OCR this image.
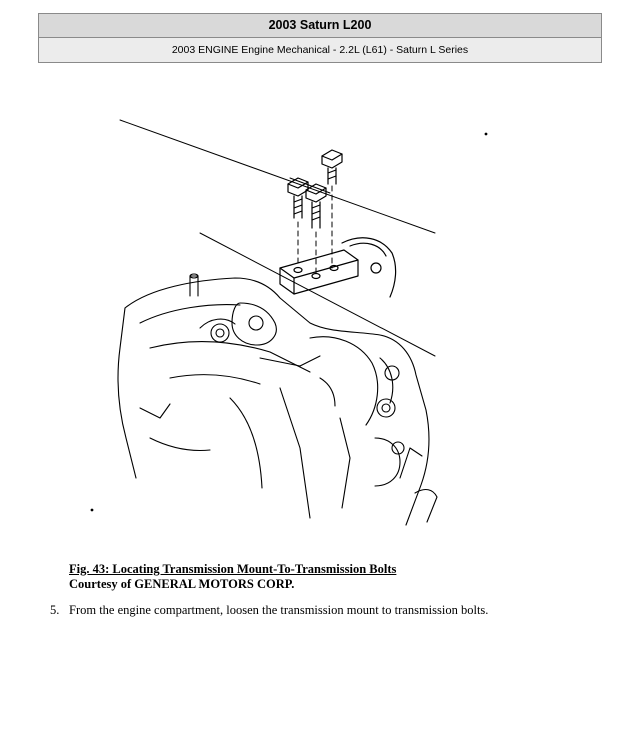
2003 Saturn L200
2003 ENGINE Engine Mechanical - 2.2L (L61) - Saturn L Series
Fig. 43: Locating Transmission Mount-To-Transmission Bolts
Courtesy of GENERAL MOTORS CORP.
5. From the engine compartment, loosen the transmission mount to transmission bolts.
